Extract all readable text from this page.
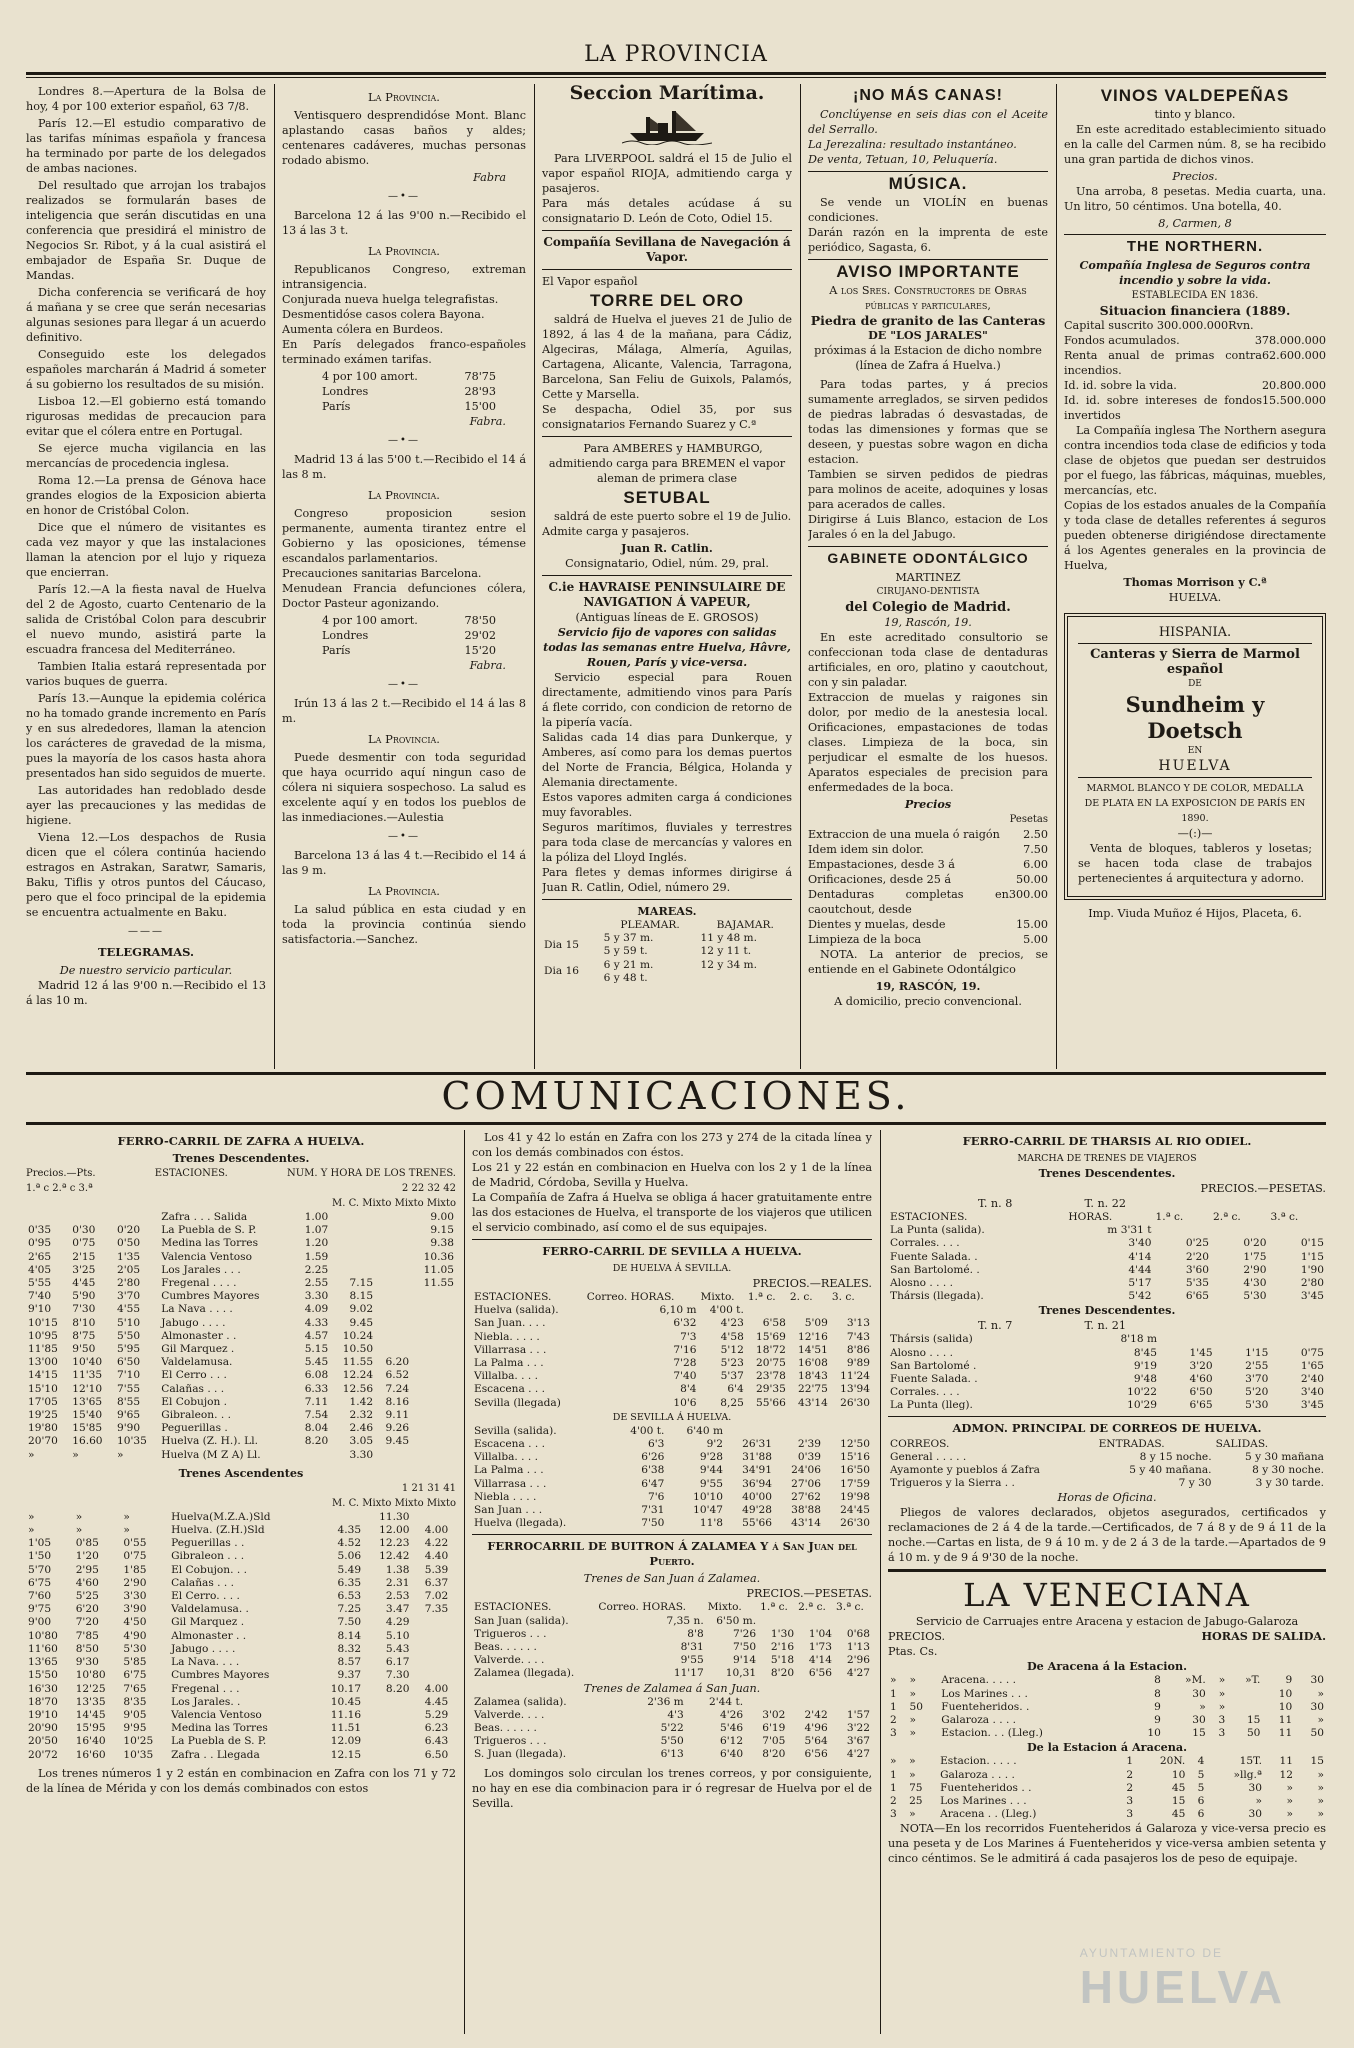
LA PROVINCIA

Londres 8.—Apertura de la Bolsa de hoy, 4 por 100 exterior español, 63 7/8.

París 12.—El estudio comparativo de las tarifas mínimas española y francesa ha terminado por parte de los delegados de ambas naciones.

Del resultado que arrojan los trabajos realizados se formularán bases de inteligencia que serán discutidas en una conferencia que presidirá el ministro de Negocios Sr. Ribot, y á la cual asistirá el embajador de España Sr. Duque de Mandas.

Dicha conferencia se verificará de hoy á mañana y se cree que serán necesarias algunas sesiones para llegar á un acuerdo definitivo.

Conseguido este los delegados españoles marcharán á Madrid á someter á su gobierno los resultados de su misión.

Lisboa 12.—El gobierno está tomando rigurosas medidas de precaucion para evitar que el cólera entre en Portugal.

Se ejerce mucha vigilancia en las mercancías de procedencia inglesa.

Roma 12.—La prensa de Génova hace grandes elogios de la Exposicion abierta en honor de Cristóbal Colon.

Dice que el número de visitantes es cada vez mayor y que las instalaciones llaman la atencion por el lujo y riqueza que encierran.

París 12.—A la fiesta naval de Huelva del 2 de Agosto, cuarto Centenario de la salida de Cristóbal Colon para descubrir el nuevo mundo, asistirá parte la escuadra francesa del Mediterráneo.

Tambien Italia estará representada por varios buques de guerra.

París 13.—Aunque la epidemia colérica no ha tomado grande incremento en París y en sus alrededores, llaman la atencion los carácteres de gravedad de la misma, pues la mayoría de los casos hasta ahora presentados han sido seguidos de muerte.

Las autoridades han redoblado desde ayer las precauciones y las medidas de higiene.

Viena 12.—Los despachos de Rusia dicen que el cólera continúa haciendo estragos en Astrakan, Saratwr, Samaris, Baku, Tiflis y otros puntos del Cáucaso, pero que el foco principal de la epidemia se encuentra actualmente en Baku.

———
TELEGRAMAS.
De nuestro servicio particular.

Madrid 12 á las 9'00 n.—Recibido el 13 á las 10 m.

La Provincia.

Ventisquero desprendidóse Mont. Blanc aplastando casas baños y aldes; centenares cadáveres, muchas personas rodado abismo.

Fabra
—•—

Barcelona 12 á las 9'00 n.—Recibido el 13 á las 3 t.

La Provincia.

Republicanos Congreso, extreman intransigencia.
Conjurada nueva huelga telegrafistas.
Desmentidóse casos colera Bayona.
Aumenta cólera en Burdeos.
En París delegados franco-españoles terminado exámen tarifas.

4 por 100 amort.	78'75
Londres	28'93
París	15'00
Fabra.
—•—

Madrid 13 á las 5'00 t.—Recibido el 14 á las 8 m.

La Provincia.

Congreso proposicion sesion permanente, aumenta tirantez entre el Gobierno y las oposiciones, témense escandalos parlamentarios.
Precauciones sanitarias Barcelona.
Menudean Francia defunciones cólera, Doctor Pasteur agonizando.

4 por 100 amort.	78'50
Londres	29'02
París	15'20
Fabra.
—•—

Irún 13 á las 2 t.—Recibido el 14 á las 8 m.

La Provincia.

Puede desmentir con toda seguridad que haya ocurrido aquí ningun caso de cólera ni siquiera sospechoso. La salud es excelente aquí y en todos los pueblos de las inmediaciones.—Aulestia

—•—

Barcelona 13 á las 4 t.—Recibido el 14 á las 9 m.

La Provincia.

La salud pública en esta ciudad y en toda la provincia continúa siendo satisfactoria.—Sanchez.

Seccion Marítima.

Para LIVERPOOL saldrá el 15 de Julio el vapor español RIOJA, admitiendo carga y pasajeros.
Para más detales acúdase á su consignatario D. León de Coto, Odiel 15.

Compañía Sevillana de Navegación á Vapor.
El Vapor español
TORRE DEL ORO

saldrá de Huelva el jueves 21 de Julio de 1892, á las 4 de la mañana, para Cádiz, Algeciras, Málaga, Almería, Aguilas, Cartagena, Alicante, Valencia, Tarragona, Barcelona, San Feliu de Guixols, Palamós, Cette y Marsella.
Se despacha, Odiel 35, por sus consignatarios Fernando Suarez y C.ª

Para AMBERES y HAMBURGO, admitiendo carga para BREMEN el vapor aleman de primera clase

SETUBAL

saldrá de este puerto sobre el 19 de Julio.
Admite carga y pasajeros.

Juan R. Catlin.
Consignatario, Odiel, núm. 29, pral.
C.ie HAVRAISE PENINSULAIRE DE NAVIGATION Á VAPEUR,
(Antiguas líneas de E. GROSOS)
Servicio fijo de vapores con salidas todas las semanas entre Huelva, Hâvre, Rouen, París y vice-versa.

Servicio especial para Rouen directamente, admitiendo vinos para París á flete corrido, con condicion de retorno de la pipería vacía.
Salidas cada 14 dias para Dunkerque, y Amberes, así como para los demas puertos del Norte de Francia, Bélgica, Holanda y Alemania directamente.
Estos vapores admiten carga á condiciones muy favorables.
Seguros marítimos, fluviales y terrestres para toda clase de mercancías y valores en la póliza del Lloyd Inglés.
Para fletes y demas informes dirigirse á Juan R. Catlin, Odiel, número 29.

MAREAS.
	PLEAMAR.	BAJAMAR.
Dia 15	5 y 37 m.	11 y 48 m.
	5 y 59 t.	12 y 11 t.
Dia 16	6 y 21 m.	12 y 34 m.
	6 y 48 t.	
¡NO MÁS CANAS!

Conclúyense en seis dias con el Aceite del Serrallo.
La Jerezalina: resultado instantáneo.
De venta, Tetuan, 10, Peluquería.

MÚSICA.

Se vende un VIOLÍN en buenas condiciones.
Darán razón en la imprenta de este periódico, Sagasta, 6.

AVISO IMPORTANTE
A los Sres. Constructores de Obras públicas y particulares,
Piedra de granito de las Canteras
DE "LOS JARALES"
próximas á la Estacion de dicho nombre (línea de Zafra á Huelva.)

Para todas partes, y á precios sumamente arreglados, se sirven pedidos de piedras labradas ó desvastadas, de todas las dimensiones y formas que se deseen, y puestas sobre wagon en dicha estacion.
Tambien se sirven pedidos de piedras para molinos de aceite, adoquines y losas para acerados de calles.
Dirigirse á Luis Blanco, estacion de Los Jarales ó en la del Jabugo.

GABINETE ODONTÁLGICO
MARTINEZ
CIRUJANO-DENTISTA
del Colegio de Madrid.
19, Rascón, 19.

En este acreditado consultorio se confeccionan toda clase de dentaduras artificiales, en oro, platino y caoutchout, con y sin paladar.
Extraccion de muelas y raigones sin dolor, por medio de la anestesia local. Orificaciones, empastaciones de todas clases. Limpieza de la boca, sin perjudicar el esmalte de los huesos. Aparatos especiales de precision para enfermedades de la boca.

Precios
Pesetas
Extraccion de una muela ó raigón 2.50
Idem idem sin dolor.	7.50
Empastaciones, desde 3 á	6.00
Orificaciones, desde 25 á	50.00
Dentaduras completas en caoutchout, desde
300.00
Dientes y muelas, desde	15.00
Limpieza de la boca	5.00

NOTA. La anterior de precios, se entiende en el Gabinete Odontálgico

19, RASCÓN, 19.
A domicilio, precio convencional.
VINOS VALDEPEÑAS
tinto y blanco.

En este acreditado establecimiento situado en la calle del Carmen núm. 8, se ha recibido una gran partida de dichos vinos.

Precios.

Una arroba, 8 pesetas. Media cuarta, una. Un litro, 50 céntimos. Una botella, 40.

8, Carmen, 8
THE NORTHERN.
Compañía Inglesa de Seguros contra incendio y sobre la vida.
ESTABLECIDA EN 1836.
Situacion financiera (1889.
Capital suscrito 300.000.000Rvn.
Fondos acumulados.	378.000.000
Renta anual de primas contra incendios.
62.600.000
Id. id. sobre la vida.	20.800.000
Id. id. sobre intereses de fondos invertidos
15.500.000

La Compañía inglesa The Northern asegura contra incendios toda clase de edificios y toda clase de objetos que puedan ser destruidos por el fuego, las fábricas, máquinas, muebles, mercancías, etc.
Copias de los estados anuales de la Compañía y toda clase de detalles referentes á seguros pueden obtenerse dirigiéndose directamente á los Agentes generales en la provincia de Huelva,

Thomas Morrison y C.ª
HUELVA.
HISPANIA.
Canteras y Sierra de Marmol español
DE
Sundheim y Doetsch
EN
HUELVA
MARMOL BLANCO Y DE COLOR, MEDALLA DE PLATA EN LA EXPOSICION DE PARÍS EN 1890.
—(:)—

Venta de bloques, tableros y losetas; se hacen toda clase de trabajos pertenecientes á arquitectura y adorno.

Imp. Viuda Muñoz é Hijos, Placeta, 6.
COMUNICACIONES.
FERRO-CARRIL DE ZAFRA A HUELVA.
Trenes Descendentes.
Precios.—Pts.	ESTACIONES.	NUM. Y HORA DE LOS TRENES.
1.ª c 2.ª c 3.ª	2 22 32 42
M. C. Mixto Mixto Mixto
			Zafra . . . Salida	1.00			9.00
0'35	0'30	0'20	La Puebla de S. P.	1.07			9.15
0'95	0'75	0'50	Medina las Torres	1.20			9.38
2'65	2'15	1'35	Valencia Ventoso	1.59			10.36
4'05	3'25	2'05	Los Jarales . . .	2.25			11.05
5'55	4'45	2'80	Fregenal . . . .	2.55	7.15		11.55
7'40	5'90	3'70	Cumbres Mayores	3.30	8.15		
9'10	7'30	4'55	La Nava . . . .	4.09	9.02		
10'15	8'10	5'10	Jabugo . . . .	4.33	9.45		
10'95	8'75	5'50	Almonaster . .	4.57	10.24		
11'85	9'50	5'95	Gil Marquez .	5.15	10.50		
13'00	10'40	6'50	Valdelamusa.	5.45	11.55	6.20	
14'15	11'35	7'10	El Cerro . . .	6.08	12.24	6.52	
15'10	12'10	7'55	Calañas . . .	6.33	12.56	7.24	
17'05	13'65	8'55	El Cobujon .	7.11	1.42	8.16	
19'25	15'40	9'65	Gibraleon. . .	7.54	2.32	9.11	
19'80	15'85	9'90	Peguerillas .	8.04	2.46	9.26	
20'70	16.60	10'35	Huelva (Z. H.). Ll.	8.20	3.05	9.45	
»	»	»	Huelva (M Z A) Ll.		3.30		
Trenes Ascendentes
1 21 31 41
M. C. Mixto Mixto Mixto
»	»	»	Huelva(M.Z.A.)Sld		11.30		
»	»	»	Huelva. (Z.H.)Sld	4.35	12.00	4.00	
1'05	0'85	0'55	Peguerillas . .	4.52	12.23	4.22	
1'50	1'20	0'75	Gibraleon . . .	5.06	12.42	4.40	
5'70	2'95	1'85	El Cobujon. . .	5.49	1.38	5.39	
6'75	4'60	2'90	Calañas . . .	6.35	2.31	6.37	
7'60	5'25	3'30	El Cerro. . . .	6.53	2.53	7.02	
9'75	6'20	3'90	Valdelamusa. .	7.25	3.47	7.35	
9'00	7'20	4'50	Gil Marquez .	7.50	4.29		
10'80	7'85	4'90	Almonaster . .	8.14	5.10		
11'60	8'50	5'30	Jabugo . . . .	8.32	5.43		
13'65	9'30	5'85	La Nava. . . .	8.57	6.17		
15'50	10'80	6'75	Cumbres Mayores	9.37	7.30		
16'30	12'25	7'65	Fregenal . . .	10.17	8.20	4.00	
18'70	13'35	8'35	Los Jarales. .	10.45		4.45	
19'10	14'45	9'05	Valencia Ventoso	11.16		5.29	
20'90	15'95	9'95	Medina las Torres	11.51		6.23	
20'50	16'40	10'25	La Puebla de S. P.	12.09		6.43	
20'72	16'60	10'35	Zafra . . Llegada	12.15		6.50	

Los trenes números 1 y 2 están en combinacion en Zafra con los 71 y 72 de la línea de Mérida y con los demás combinados con estos

Los 41 y 42 lo están en Zafra con los 273 y 274 de la citada línea y con los demás combinados con éstos.
Los 21 y 22 están en combinacion en Huelva con los 2 y 1 de la línea de Madrid, Córdoba, Sevilla y Huelva.
La Compañía de Zafra á Huelva se obliga á hacer gratuitamente entre las dos estaciones de Huelva, el transporte de los viajeros que utilicen el servicio combinado, así como el de sus equipajes.

FERRO-CARRIL DE SEVILLA A HUELVA.
DE HUELVA Á SEVILLA.
PRECIOS.—REALES.
ESTACIONES.	Correo. HORAS.	Mixto.	1.ª c.	2. c.	3. c.
Huelva (salida).	6,10 m	4'00 t.			
San Juan. . . .	6'32	4'23	6'58	5'09	3'13
Niebla. . . . .	7'3	4'58	15'69	12'16	7'43
Villarrasa . . .	7'16	5'12	18'72	14'51	8'86
La Palma . . .	7'28	5'23	20'75	16'08	9'89
Villalba. . . .	7'40	5'37	23'78	18'43	11'24
Escacena . . .	8'4	6'4	29'35	22'75	13'94
Sevilla (llegada)	10'6	8,25	55'66	43'14	26'30
DE SEVILLA Á HUELVA.
Sevilla (salida).	4'00 t.	6'40 m			
Escacena . . .	6'3	9'2	26'31	2'39	12'50
Villalba. . . .	6'26	9'28	31'88	0'39	15'16
La Palma . . .	6'38	9'44	34'91	24'06	16'50
Villarrasa . . .	6'47	9'55	36'94	27'06	17'59
Niebla . . . .	7'6	10'10	40'00	27'62	19'98
San Juan . . .	7'31	10'47	49'28	38'88	24'45
Huelva (llegada).	7'50	11'8	55'66	43'14	26'30
FERROCARRIL DE BUITRON Á ZALAMEA Y á San Juan del Puerto.
Trenes de San Juan á Zalamea.
PRECIOS.—PESETAS.
ESTACIONES.	Correo. HORAS.	Mixto.	1.ª c.	2.ª c.	3.ª c.
San Juan (salida).	7,35 n.	6'50 m.			
Trigueros . . .	8'8	7'26	1'30	1'04	0'68
Beas. . . . . .	8'31	7'50	2'16	1'73	1'13
Valverde. . . .	9'55	9'14	5'18	4'14	2'96
Zalamea (llegada).	11'17	10,31	8'20	6'56	4'27
Trenes de Zalamea á San Juan.
Zalamea (salida).	2'36 m	2'44 t.			
Valverde. . . .	4'3	4'26	3'02	2'42	1'57
Beas. . . . . .	5'22	5'46	6'19	4'96	3'22
Trigueros . . .	5'50	6'12	7'05	5'64	3'67
S. Juan (llegada).	6'13	6'40	8'20	6'56	4'27

Los domingos solo circulan los trenes correos, y por consiguiente, no hay en ese dia combinacion para ir ó regresar de Huelva por el de Sevilla.

FERRO-CARRIL DE THARSIS AL RIO ODIEL.
MARCHA DE TRENES DE VIAJEROS
Trenes Descendentes.
PRECIOS.—PESETAS.
T. n. 8	T. n. 22
ESTACIONES.	HORAS.	1.ª c.	2.ª c.	3.ª c.
La Punta (salida).	m 3'31 t			
Corrales. . . .	3'40	0'25	0'20	0'15
Fuente Salada. .	4'14	2'20	1'75	1'15
San Bartolomé. .	4'44	3'60	2'90	1'90
Alosno . . . .	5'17	5'35	4'30	2'80
Thársis (llegada).	5'42	6'65	5'30	3'45
Trenes Descendentes.
T. n. 7	T. n. 21
Thársis (salida)	8'18 m			
Alosno . . . .	8'45	1'45	1'15	0'75
San Bartolomé .	9'19	3'20	2'55	1'65
Fuente Salada. .	9'48	4'60	3'70	2'40
Corrales. . . .	10'22	6'50	5'20	3'40
La Punta (lleg).	10'29	6'65	5'30	3'45
ADMON. PRINCIPAL DE CORREOS DE HUELVA.
CORREOS.	ENTRADAS.	SALIDAS.
General . . . . .	8 y 15 noche.	5 y 30 mañana
Ayamonte y pueblos á Zafra	5 y 40 mañana.	8 y 30 noche.
Trigueros y la Sierra . .	7 y 30	3 y 30 tarde.
Horas de Oficina.

Pliegos de valores declarados, objetos asegurados, certificados y reclamaciones de 2 á 4 de la tarde.—Certificados, de 7 á 8 y de 9 á 11 de la noche.—Cartas en lista, de 9 á 10 m. y de 2 á 3 de la tarde.—Apartados de 9 á 10 m. y de 9 á 9'30 de la noche.

LA VENECIANA
Servicio de Carruajes entre Aracena y estacion de Jabugo-Galaroza
PRECIOS.	HORAS DE SALIDA.
Ptas. Cs.
De Aracena á la Estacion.
»	»	Aracena. . . . .	8	»M.	»	»T.	9	30
1	»	Los Marines . . .	8	30	»		10	»
1	50	Fuenteheridos. .	9	»	»		10	30
2	»	Galaroza . . . .	9	30	3	15	11	»
3	»	Estacion. . . (Lleg.)	10	15	3	50	11	50
De la Estacion á Aracena.
»	»	Estacion. . . . .	1	20N.	4	15T.	11	15
1	»	Galaroza . . . .	2	10	5	»llg.ª	12	»
1	75	Fuenteheridos . .	2	45	5	30	»	»
2	25	Los Marines . . .	3	15	6	»	»	»
3	»	Aracena . . (Lleg.)	3	45	6	30	»	»

NOTA—En los recorridos Fuenteheridos á Galaroza y vice-versa precio es una peseta y de Los Marines á Fuenteheridos y vice-versa ambien setenta y cinco céntimos. Se le admitirá á cada pasajeros los de peso de equipaje.

AYUNTAMIENTO DE
HUELVA
